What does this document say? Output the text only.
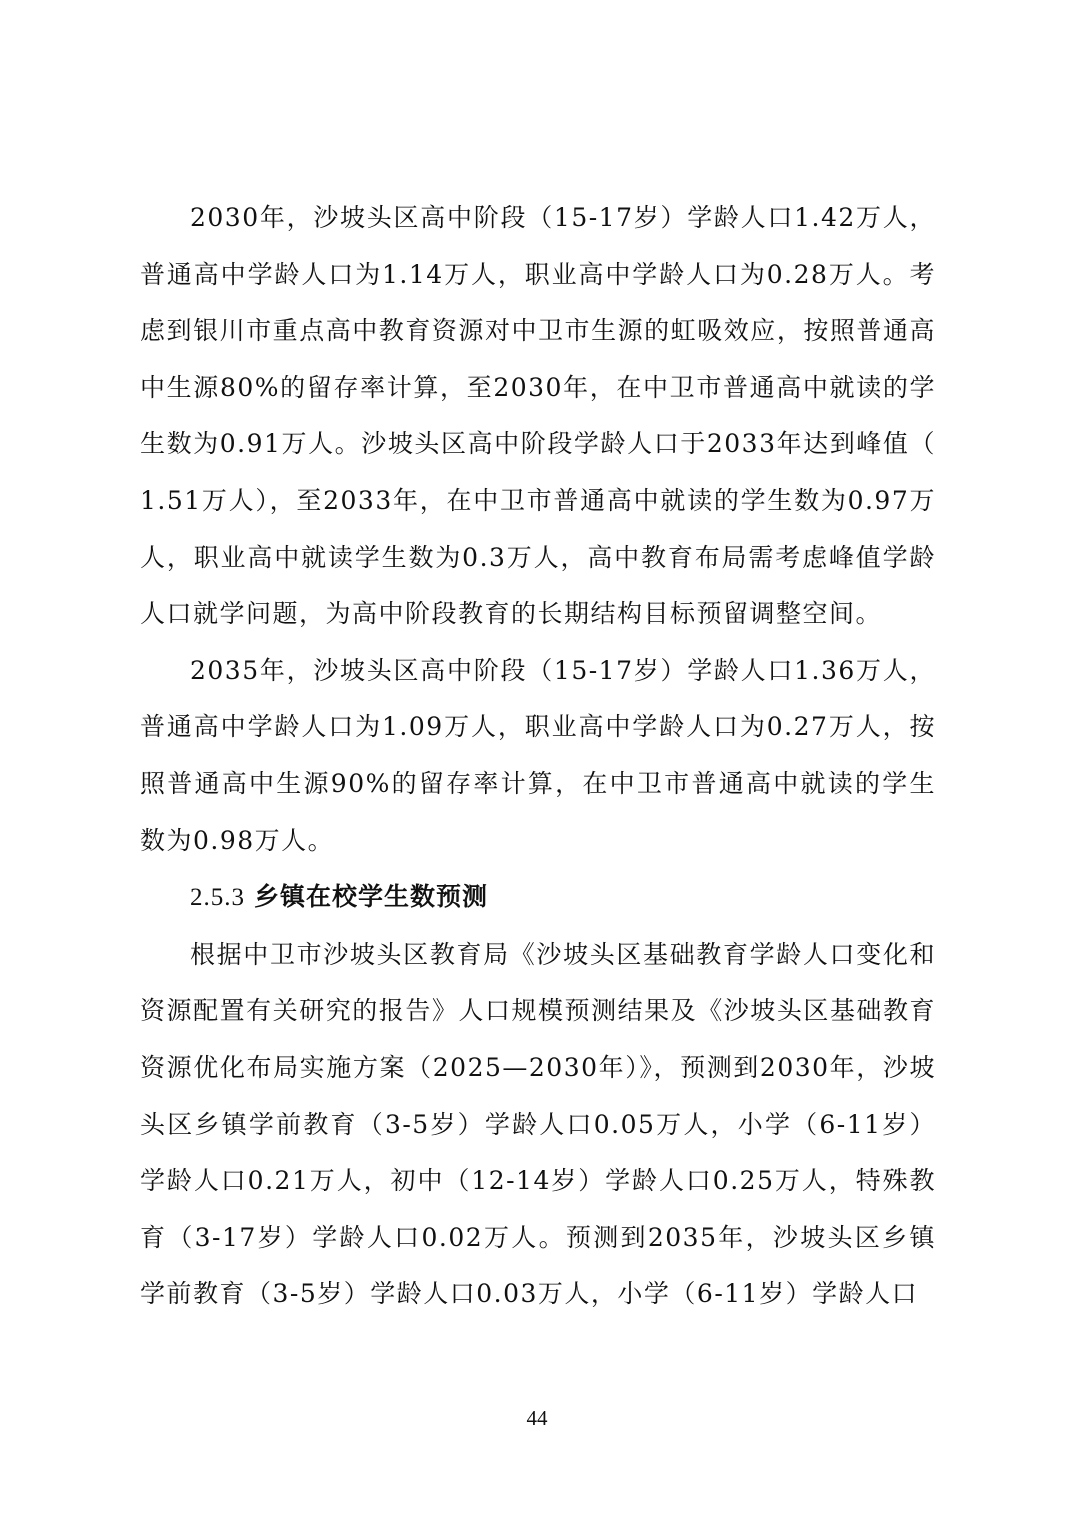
2030年，沙坡头区高中阶段（15-17岁）学龄人口1.42万人，普通高中学龄人口为1.14万人，职业高中学龄人口为0.28万人。考虑到银川市重点高中教育资源对中卫市生源的虹吸效应，按照普通高中生源80%的留存率计算，至2030年，在中卫市普通高中就读的学生数为0.91万人。沙坡头区高中阶段学龄人口于2033年达到峰值（1.51万人），至2033年，在中卫市普通高中就读的学生数为0.97万人，职业高中就读学生数为0.3万人，高中教育布局需考虑峰值学龄人口就学问题，为高中阶段教育的长期结构目标预留调整空间。

2035年，沙坡头区高中阶段（15-17岁）学龄人口1.36万人，普通高中学龄人口为1.09万人，职业高中学龄人口为0.27万人，按照普通高中生源90%的留存率计算，在中卫市普通高中就读的学生数为0.98万人。

2.5.3 乡镇在校学生数预测

根据中卫市沙坡头区教育局《沙坡头区基础教育学龄人口变化和资源配置有关研究的报告》人口规模预测结果及《沙坡头区基础教育资源优化布局实施方案（2025—2030年）》，预测到2030年，沙坡头区乡镇学前教育（3-5岁）学龄人口0.05万人，小学（6-11岁）学龄人口0.21万人，初中（12-14岁）学龄人口0.25万人，特殊教育（3-17岁）学龄人口0.02万人。预测到2035年，沙坡头区乡镇学前教育（3-5岁）学龄人口0.03万人，小学（6-11岁）学龄人口

44
